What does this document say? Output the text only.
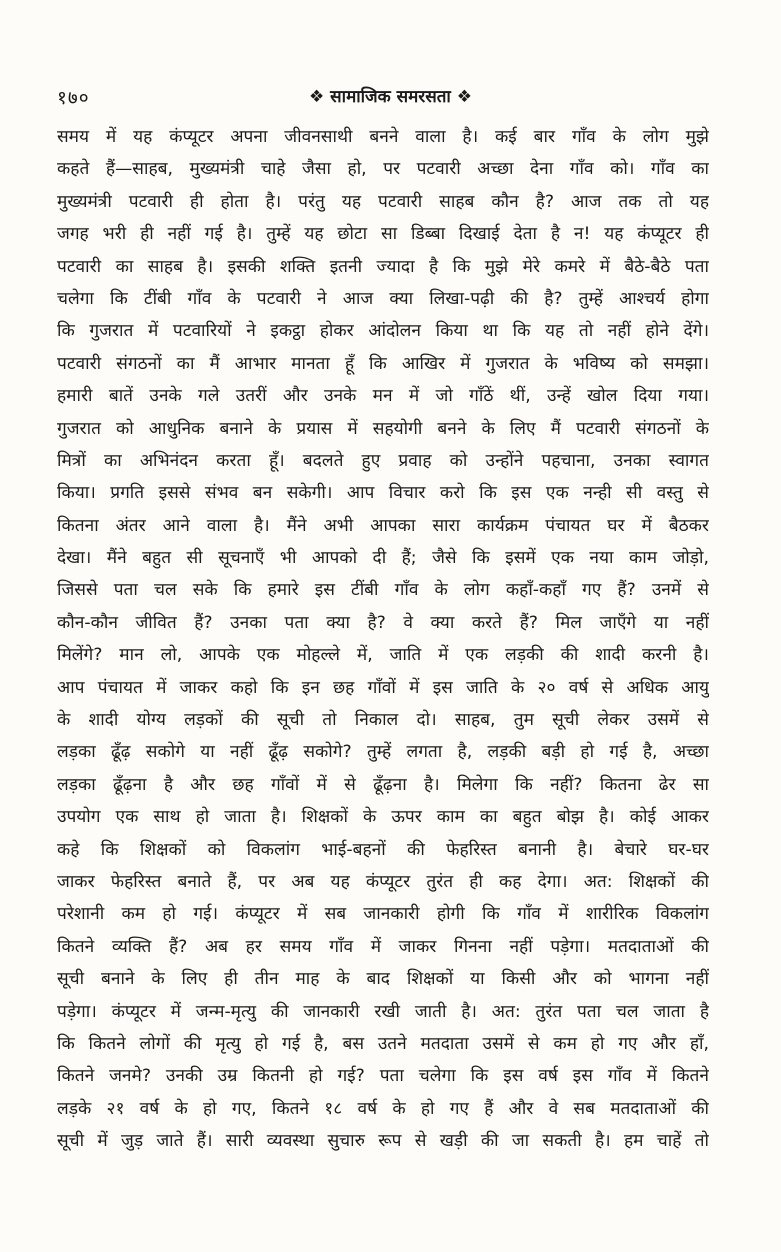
१७०	❖ सामाजिक समरसता ❖
समय में यह कंप्यूटर अपना जीवनसाथी बनने वाला है। कई बार गाँव के लोग मुझे
कहते हैं—साहब, मुख्यमंत्री चाहे जैसा हो, पर पटवारी अच्छा देना गाँव को। गाँव का
मुख्यमंत्री पटवारी ही होता है। परंतु यह पटवारी साहब कौन है? आज तक तो यह
जगह भरी ही नहीं गई है। तुम्हें यह छोटा सा डिब्बा दिखाई देता है न! यह कंप्यूटर ही
पटवारी का साहब है। इसकी शक्ति इतनी ज्यादा है कि मुझे मेरे कमरे में बैठे-बैठे पता
चलेगा कि टींबी गाँव के पटवारी ने आज क्या लिखा-पढ़ी की है? तुम्हें आश्चर्य होगा
कि गुजरात में पटवारियों ने इकट्ठा होकर आंदोलन किया था कि यह तो नहीं होने देंगे।
पटवारी संगठनों का मैं आभार मानता हूँ कि आखिर में गुजरात के भविष्य को समझा।
हमारी बातें उनके गले उतरीं और उनके मन में जो गाँठें थीं, उन्हें खोल दिया गया।
गुजरात को आधुनिक बनाने के प्रयास में सहयोगी बनने के लिए मैं पटवारी संगठनों के
मित्रों का अभिनंदन करता हूँ। बदलते हुए प्रवाह को उन्होंने पहचाना, उनका स्वागत
किया। प्रगति इससे संभव बन सकेगी। आप विचार करो कि इस एक नन्ही सी वस्तु से
कितना अंतर आने वाला है। मैंने अभी आपका सारा कार्यक्रम पंचायत घर में बैठकर
देखा। मैंने बहुत सी सूचनाएँ भी आपको दी हैं; जैसे कि इसमें एक नया काम जोड़ो,
जिससे पता चल सके कि हमारे इस टींबी गाँव के लोग कहाँ-कहाँ गए हैं? उनमें से
कौन-कौन जीवित हैं? उनका पता क्या है? वे क्या करते हैं? मिल जाएँगे या नहीं
मिलेंगे? मान लो, आपके एक मोहल्ले में, जाति में एक लड़की की शादी करनी है।
आप पंचायत में जाकर कहो कि इन छह गाँवों में इस जाति के २० वर्ष से अधिक आयु
के शादी योग्य लड़कों की सूची तो निकाल दो। साहब, तुम सूची लेकर उसमें से
लड़का ढूँढ़ सकोगे या नहीं ढूँढ़ सकोगे? तुम्हें लगता है, लड़की बड़ी हो गई है, अच्छा
लड़का ढूँढ़ना है और छह गाँवों में से ढूँढ़ना है। मिलेगा कि नहीं? कितना ढेर सा
उपयोग एक साथ हो जाता है। शिक्षकों के ऊपर काम का बहुत बोझ है। कोई आकर
कहे कि शिक्षकों को विकलांग भाई-बहनों की फेहरिस्त बनानी है। बेचारे घर-घर
जाकर फेहरिस्त बनाते हैं, पर अब यह कंप्यूटर तुरंत ही कह देगा। अत: शिक्षकों की
परेशानी कम हो गई। कंप्यूटर में सब जानकारी होगी कि गाँव में शारीरिक विकलांग
कितने व्यक्ति हैं? अब हर समय गाँव में जाकर गिनना नहीं पड़ेगा। मतदाताओं की
सूची बनाने के लिए ही तीन माह के बाद शिक्षकों या किसी और को भागना नहीं
पड़ेगा। कंप्यूटर में जन्म-मृत्यु की जानकारी रखी जाती है। अत: तुरंत पता चल जाता है
कि कितने लोगों की मृत्यु हो गई है, बस उतने मतदाता उसमें से कम हो गए और हाँ,
कितने जनमे? उनकी उम्र कितनी हो गई? पता चलेगा कि इस वर्ष इस गाँव में कितने
लड़के २१ वर्ष के हो गए, कितने १८ वर्ष के हो गए हैं और वे सब मतदाताओं की
सूची में जुड़ जाते हैं। सारी व्यवस्था सुचारु रूप से खड़ी की जा सकती है। हम चाहें तो
